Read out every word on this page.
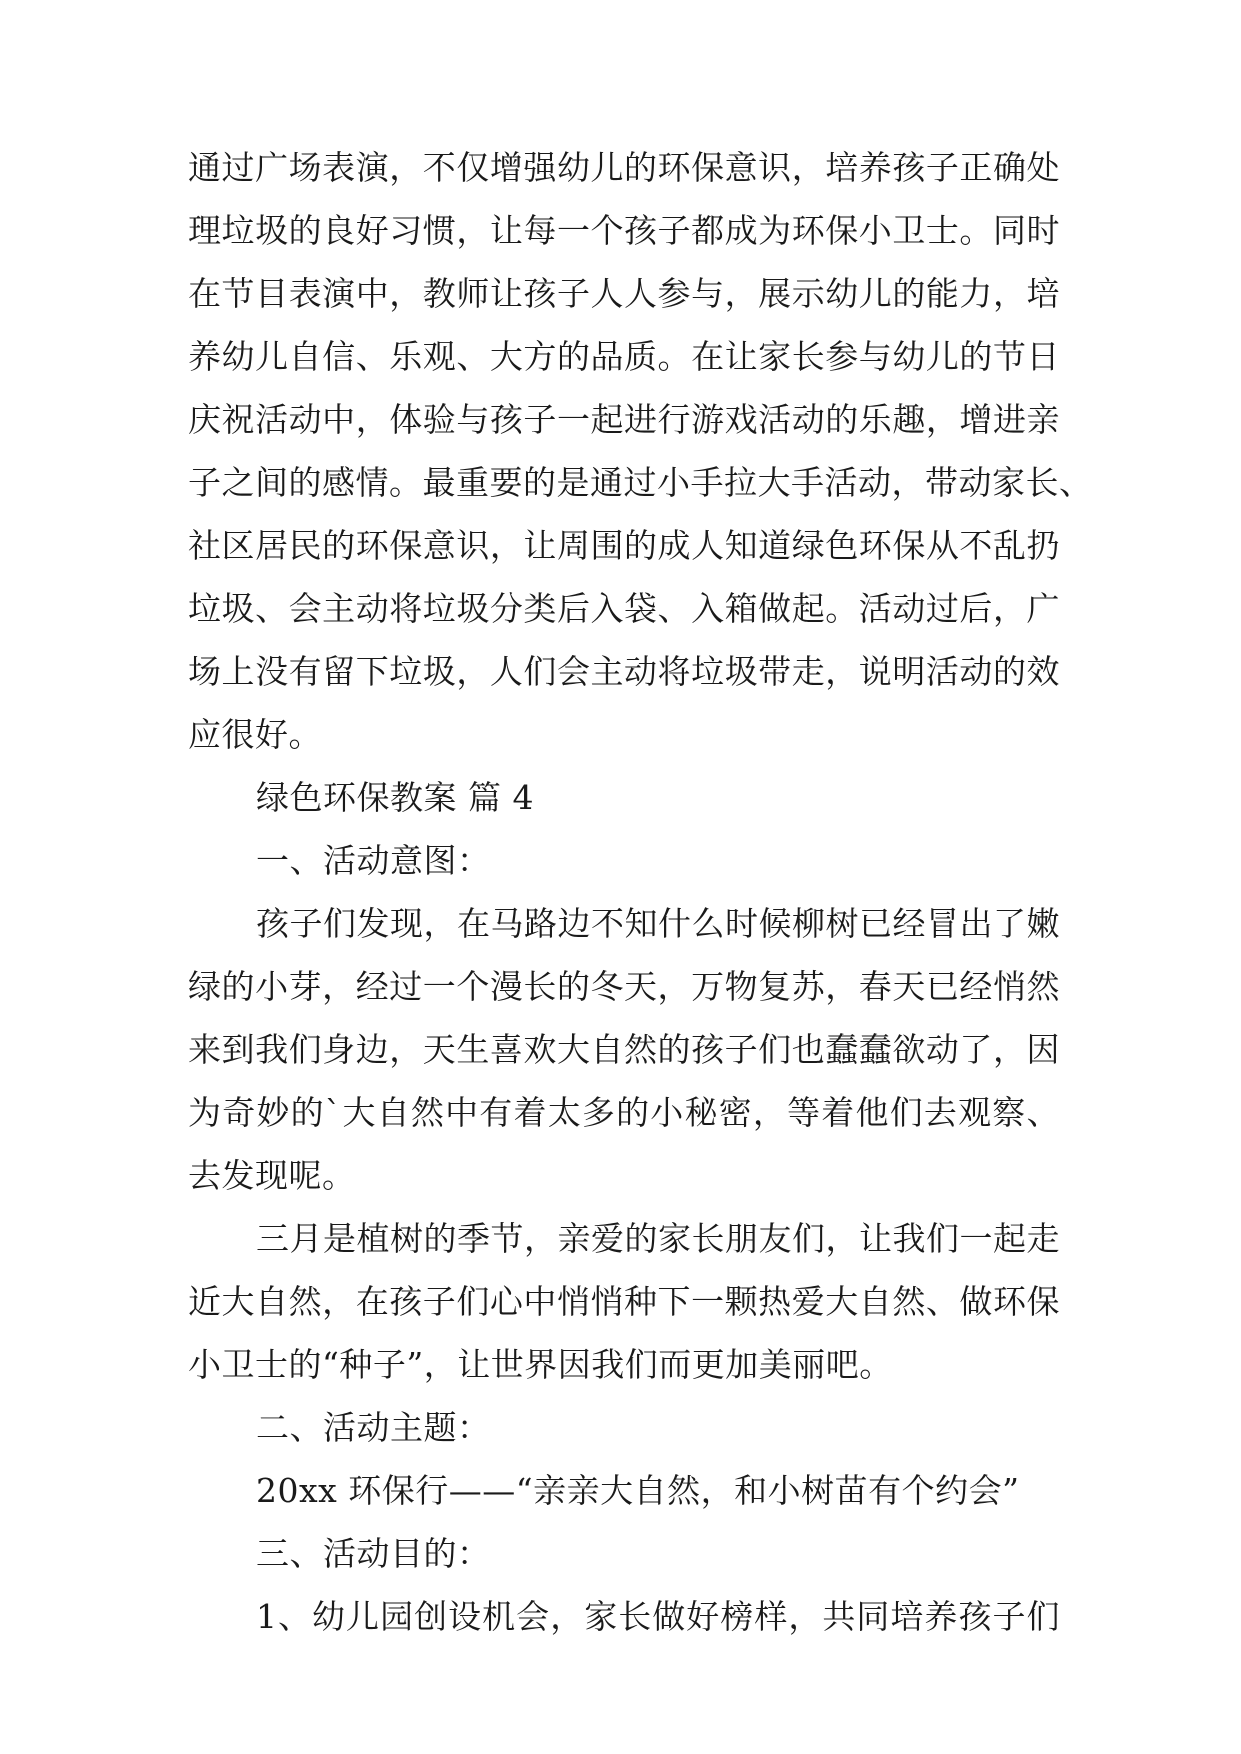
通过广场表演，不仅增强幼儿的环保意识，培养孩子正确处
理垃圾的良好习惯，让每一个孩子都成为环保小卫士。同时
在节目表演中，教师让孩子人人参与，展示幼儿的能力，培
养幼儿自信、乐观、大方的品质。在让家长参与幼儿的节日
庆祝活动中，体验与孩子一起进行游戏活动的乐趣，增进亲
子之间的感情。最重要的是通过小手拉大手活动，带动家长、
社区居民的环保意识，让周围的成人知道绿色环保从不乱扔
垃圾、会主动将垃圾分类后入袋、入箱做起。活动过后，广
场上没有留下垃圾，人们会主动将垃圾带走，说明活动的效
应很好。
绿色环保教案 篇 4
一、活动意图：
孩子们发现，在马路边不知什么时候柳树已经冒出了嫩
绿的小芽，经过一个漫长的冬天，万物复苏，春天已经悄然
来到我们身边，天生喜欢大自然的孩子们也蠢蠢欲动了，因
为奇妙的`大自然中有着太多的小秘密，等着他们去观察、
去发现呢。
三月是植树的季节，亲爱的家长朋友们，让我们一起走
近大自然，在孩子们心中悄悄种下一颗热爱大自然、做环保
小卫士的“种子”，让世界因我们而更加美丽吧。
二、活动主题：
20xx 环保行——“亲亲大自然，和小树苗有个约会”
三、活动目的：
1、幼儿园创设机会，家长做好榜样，共同培养孩子们
